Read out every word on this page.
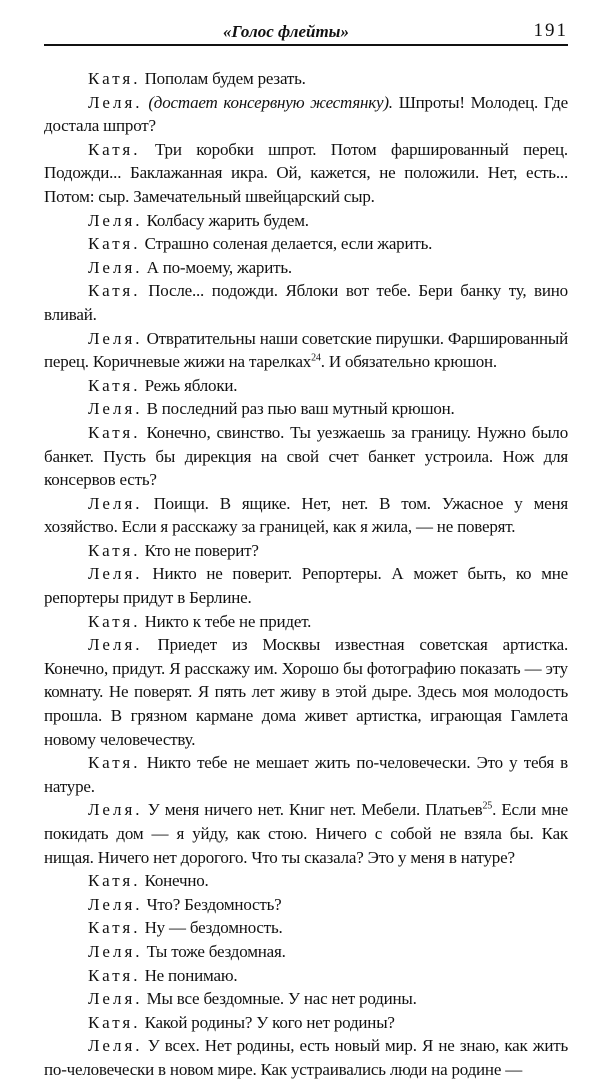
«Голос флейты»	191

Катя. Пополам будем резать.

Леля. (достает консервную жестянку). Шпроты! Молодец. Где достала шпрот?

Катя. Три коробки шпрот. Потом фаршированный перец. Подожди... Баклажанная икра. Ой, кажется, не положили. Нет, есть... Потом: сыр. Замечательный швейцарский сыр.

Леля. Колбасу жарить будем.

Катя. Страшно соленая делается, если жарить.

Леля. А по-моему, жарить.

Катя. После... подожди. Яблоки вот тебе. Бери банку ту, вино вливай.

Леля. Отвратительны наши советские пирушки. Фаршированный перец. Коричневые жижи на тарелках$^{24}$. И обязательно крюшон.

Катя. Режь яблоки.

Леля. В последний раз пью ваш мутный крюшон.

Катя. Конечно, свинство. Ты уезжаешь за границу. Нужно было банкет. Пусть бы дирекция на свой счет банкет устроила. Нож для консервов есть?

Леля. Поищи. В ящике. Нет, нет. В том. Ужасное у меня хозяйство. Если я расскажу за границей, как я жила, — не поверят.

Катя. Кто не поверит?

Леля. Никто не поверит. Репортеры. А может быть, ко мне репортеры придут в Берлине.

Катя. Никто к тебе не придет.

Леля. Приедет из Москвы известная советская артистка. Конечно, придут. Я расскажу им. Хорошо бы фотографию показать — эту комнату. Не поверят. Я пять лет живу в этой дыре. Здесь моя молодость прошла. В грязном кармане дома живет артистка, играющая Гамлета новому человечеству.

Катя. Никто тебе не мешает жить по-человечески. Это у тебя в натуре.

Леля. У меня ничего нет. Книг нет. Мебели. Платьев$^{25}$. Если мне покидать дом — я уйду, как стою. Ничего с собой не взяла бы. Как нищая. Ничего нет дорогого. Что ты сказала? Это у меня в натуре?

Катя. Конечно.

Леля. Что? Бездомность?

Катя. Ну — бездомность.

Леля. Ты тоже бездомная.

Катя. Не понимаю.

Леля. Мы все бездомные. У нас нет родины.

Катя. Какой родины? У кого нет родины?

Леля. У всех. Нет родины, есть новый мир. Я не знаю, как жить по-человечески в новом мире. Как устраивались люди на родине —
